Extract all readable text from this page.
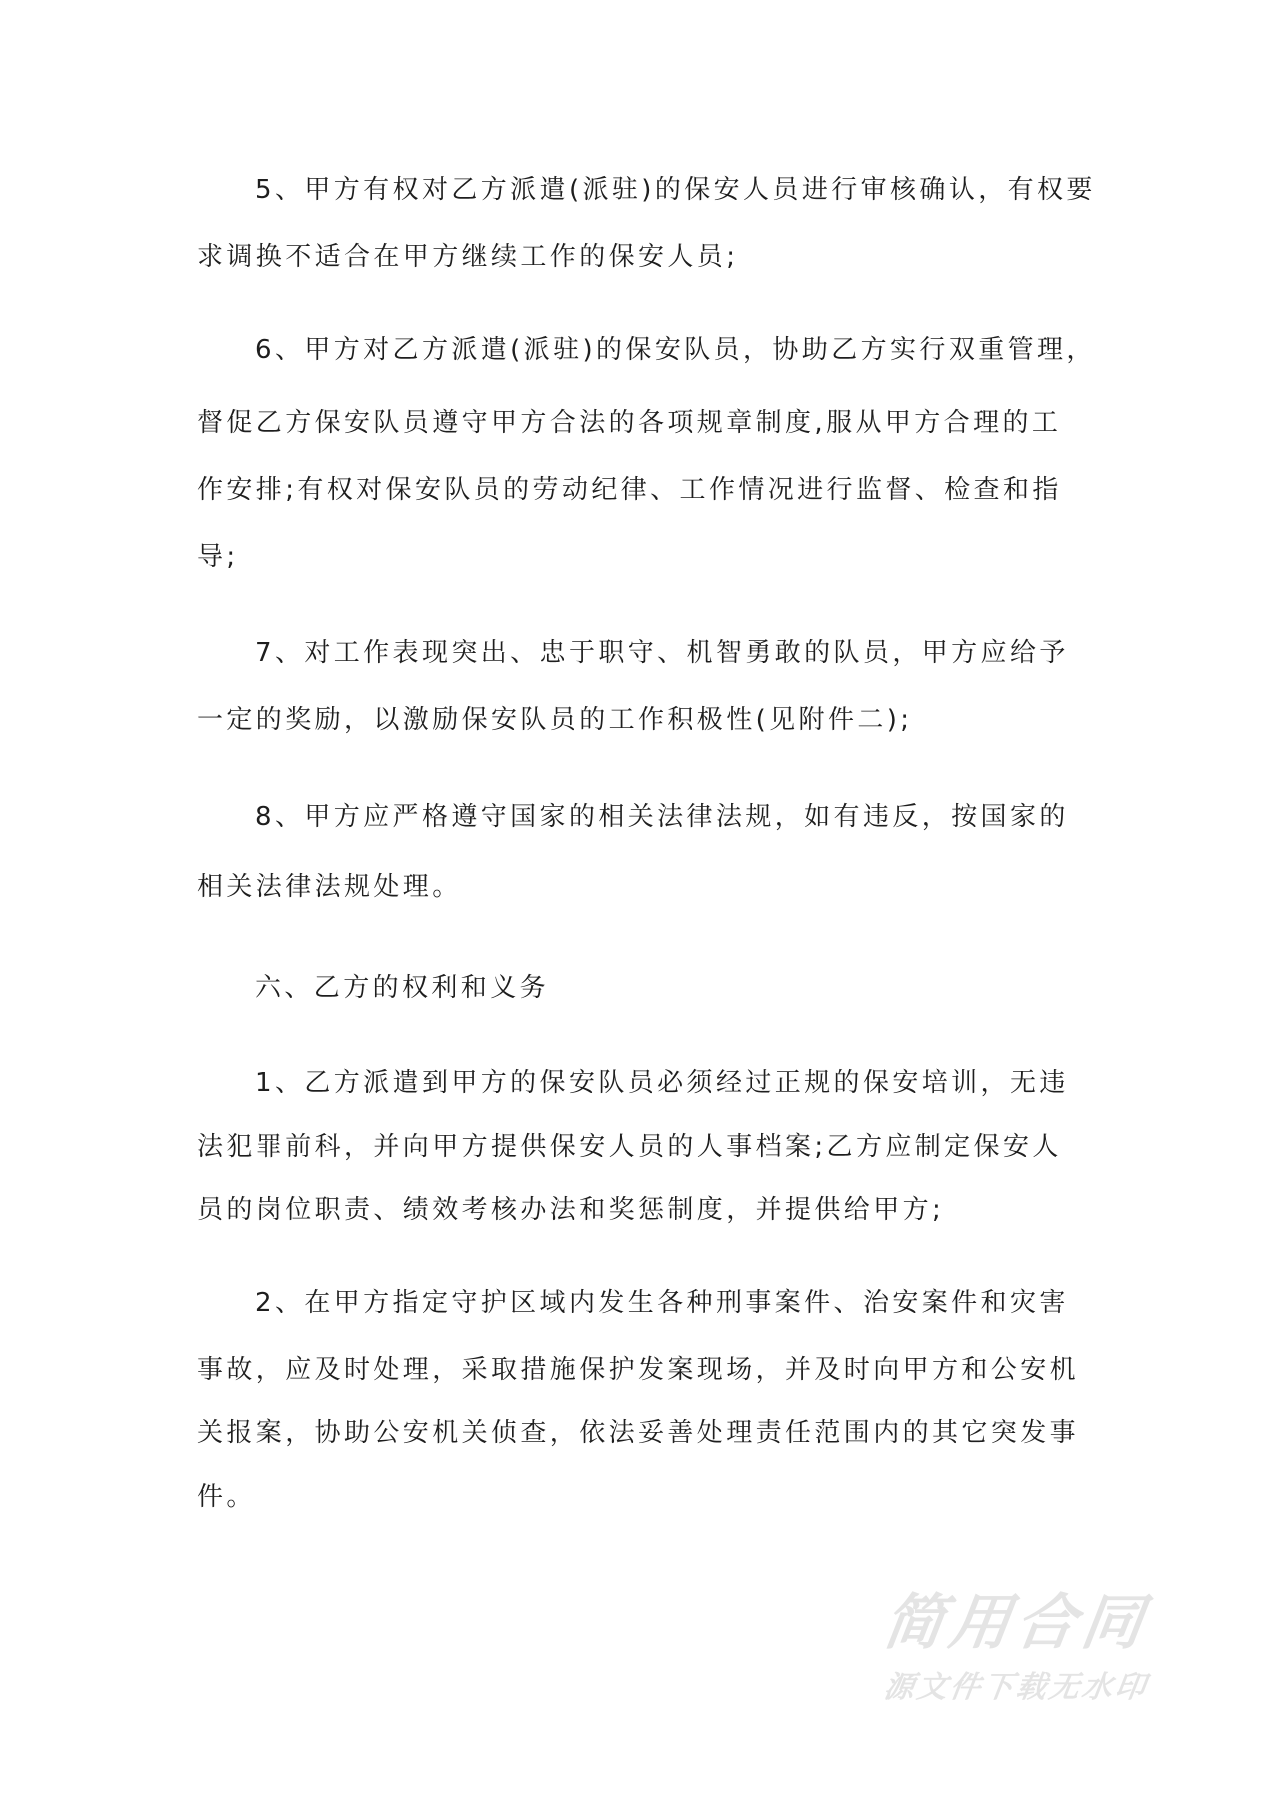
5、甲方有权对乙方派遣(派驻)的保安人员进行审核确认，有权要
求调换不适合在甲方继续工作的保安人员;
6、甲方对乙方派遣(派驻)的保安队员，协助乙方实行双重管理，
督促乙方保安队员遵守甲方合法的各项规章制度,服从甲方合理的工
作安排;有权对保安队员的劳动纪律、工作情况进行监督、检查和指
导;
7、对工作表现突出、忠于职守、机智勇敢的队员，甲方应给予
一定的奖励，以激励保安队员的工作积极性(见附件二);
8、甲方应严格遵守国家的相关法律法规，如有违反，按国家的
相关法律法规处理。
六、乙方的权利和义务
1、乙方派遣到甲方的保安队员必须经过正规的保安培训，无违
法犯罪前科，并向甲方提供保安人员的人事档案;乙方应制定保安人
员的岗位职责、绩效考核办法和奖惩制度，并提供给甲方;
2、在甲方指定守护区域内发生各种刑事案件、治安案件和灾害
事故，应及时处理，采取措施保护发案现场，并及时向甲方和公安机
关报案，协助公安机关侦查，依法妥善处理责任范围内的其它突发事
件。
简用合同
源文件下载无水印
